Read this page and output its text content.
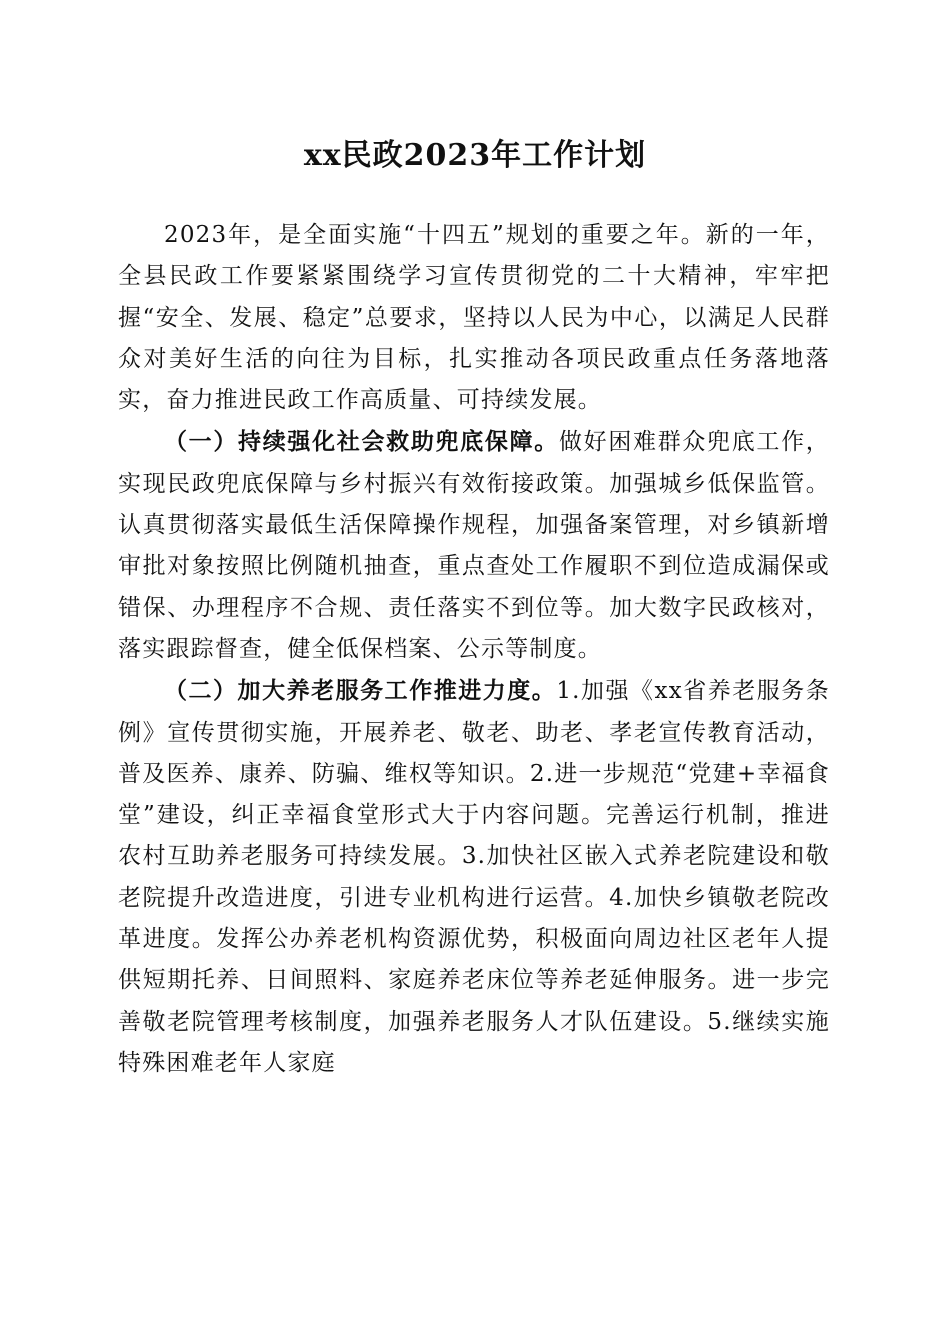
xx民政2023年工作计划

2023年，是全面实施“十四五”规划的重要之年。新的一年，全县民政工作要紧紧围绕学习宣传贯彻党的二十大精神，牢牢把握“安全、发展、稳定”总要求，坚持以人民为中心，以满足人民群众对美好生活的向往为目标，扎实推动各项民政重点任务落地落实，奋力推进民政工作高质量、可持续发展。

（一）持续强化社会救助兜底保障。做好困难群众兜底工作，实现民政兜底保障与乡村振兴有效衔接政策。加强城乡低保监管。认真贯彻落实最低生活保障操作规程，加强备案管理，对乡镇新增审批对象按照比例随机抽查，重点查处工作履职不到位造成漏保或错保、办理程序不合规、责任落实不到位等。加大数字民政核对，落实跟踪督查，健全低保档案、公示等制度。

（二）加大养老服务工作推进力度。1.加强《xx省养老服务条例》宣传贯彻实施，开展养老、敬老、助老、孝老宣传教育活动，普及医养、康养、防骗、维权等知识。2.进一步规范“党建+幸福食堂”建设，纠正幸福食堂形式大于内容问题。完善运行机制，推进农村互助养老服务可持续发展。3.加快社区嵌入式养老院建设和敬老院提升改造进度，引进专业机构进行运营。4.加快乡镇敬老院改革进度。发挥公办养老机构资源优势，积极面向周边社区老年人提供短期托养、日间照料、家庭养老床位等养老延伸服务。进一步完善敬老院管理考核制度，加强养老服务人才队伍建设。5.继续实施特殊困难老年人家庭
